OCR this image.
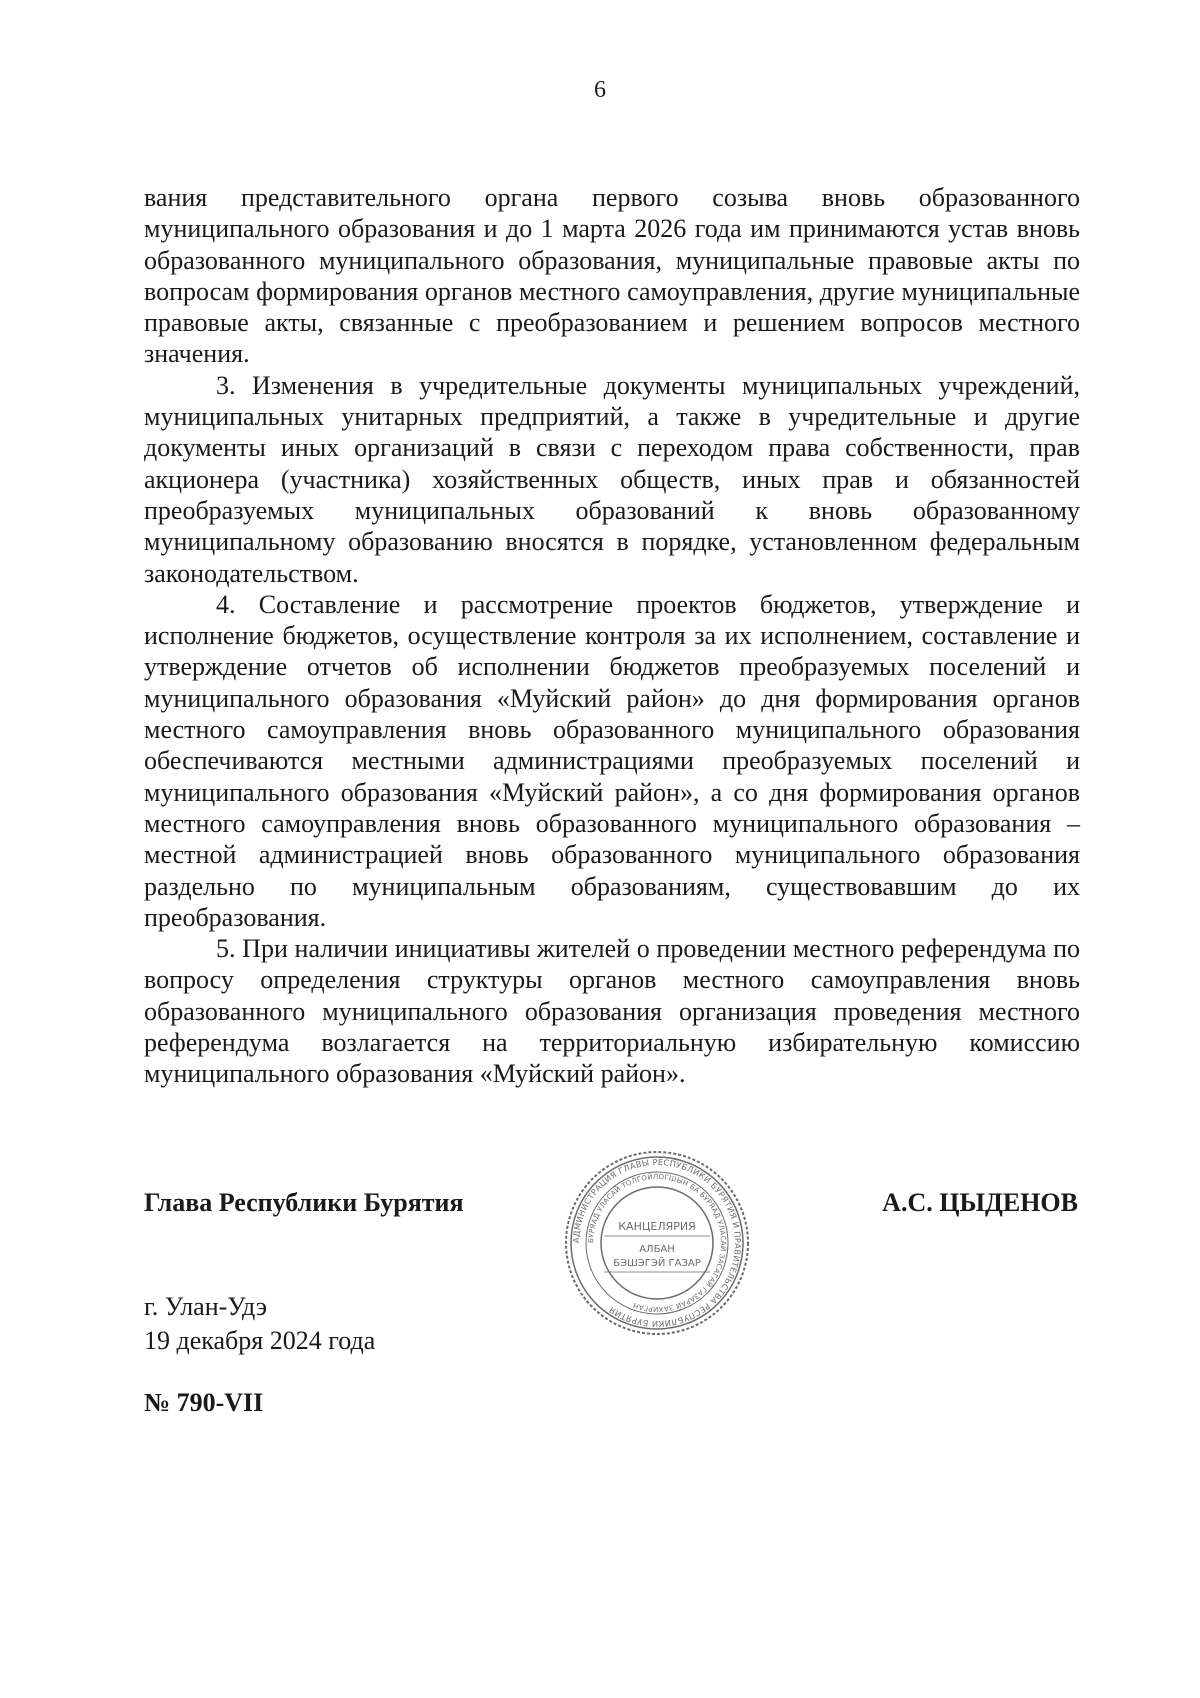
6

вания представительного органа первого созыва вновь образованного муниципального образования и до 1 марта 2026 года им принимаются устав вновь образованного муниципального образования, муниципальные правовые акты по вопросам формирования органов местного самоуправления, другие муниципальные правовые акты, связанные с преобразованием и решением вопросов местного значения.

3. Изменения в учредительные документы муниципальных учреждений, муниципальных унитарных предприятий, а также в учредительные и другие документы иных организаций в связи с переходом права собственности, прав акционера (участника) хозяйственных обществ, иных прав и обязанностей преобразуемых муниципальных образований к вновь образованному муниципальному образованию вносятся в порядке, установленном федеральным законодательством.

4. Составление и рассмотрение проектов бюджетов, утверждение и исполнение бюджетов, осуществление контроля за их исполнением, составление и утверждение отчетов об исполнении бюджетов преобразуемых поселений и муниципального образования «Муйский район» до дня формирования органов местного самоуправления вновь образованного муниципального образования обеспечиваются местными администрациями преобразуемых поселений и муниципального образования «Муйский район», а со дня формирования органов местного самоуправления вновь образованного муниципального образования – местной администрацией вновь образованного муниципального образования раздельно по муниципальным образованиям, существовавшим до их преобразования.

5. При наличии инициативы жителей о проведении местного референдума по вопросу определения структуры органов местного самоуправления вновь образованного муниципального образования организация проведения местного референдума возлагается на территориальную избирательную комиссию муниципального образования «Муйский район».

Глава Республики Бурятия
АДМИНИСТРАЦИЯ ГЛАВЫ РЕСПУБЛИКИ БУРЯТИЯ И ПРАВИТЕЛЬСТВА РЕСПУБЛИКИ БУРЯТИЯ
БУРЯАД УЛАСАЙ ТОЛГОЙЛОГШЫН БА БУРЯАД УЛАСАЙ ЗАСАГАЙ ГАЗАРАЙ ЗАХИРГАН
КАНЦЕЛЯРИЯ
АЛБАН
БЭШЭГЭЙ ГАЗАР
А.С. ЦЫДЕНОВ
г. Улан-Удэ
19 декабря 2024 года
№ 790-VII
